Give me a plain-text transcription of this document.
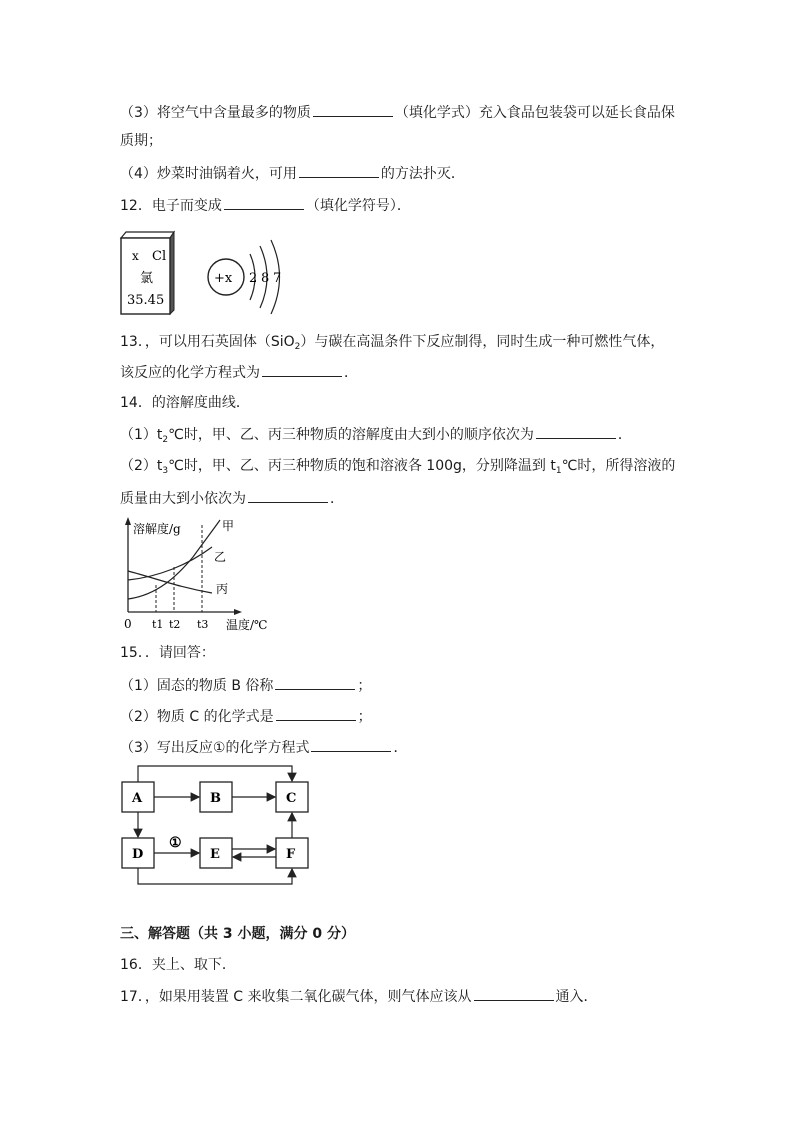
（3）将空气中含量最多的物质	（填化学式）充入食品包装袋可以延长食品保
质期；
（4）炒菜时油锅着火，可用	的方法扑灭．
12．电子而变成	（填化学符号）．
x Cl
氯
35.45
+x 2 8 7
13．，可以用石英固体（SiO$_2$）与碳在高温条件下反应制得，同时生成一种可燃性气体，
该反应的化学方程式为	．
14．的溶解度曲线．
$(1)t_2℃$时，甲、乙、丙三种物质的溶解度由大到小的顺序依次为	．
$(2)t_3℃$时，甲、乙、丙三种物质的饱和溶液各 100g，分别降温到 $t_1℃$时，所得溶液的
质量由大到小依次为	．
溶解度/g
温度/℃
0 t1 t2 t3
甲
乙
丙
15．．请回答：
（1）固态的物质 B 俗称	；
（2）物质 C 的化学式是	；
（3）写出反应①的化学方程式	．
A	B	C
D	E	F
①
三、解答题（共 3 小题，满分 0 分）
16．夹上、取下．
17．，如果用装置 C 来收集二氧化碳气体，则气体应该从	通入．
